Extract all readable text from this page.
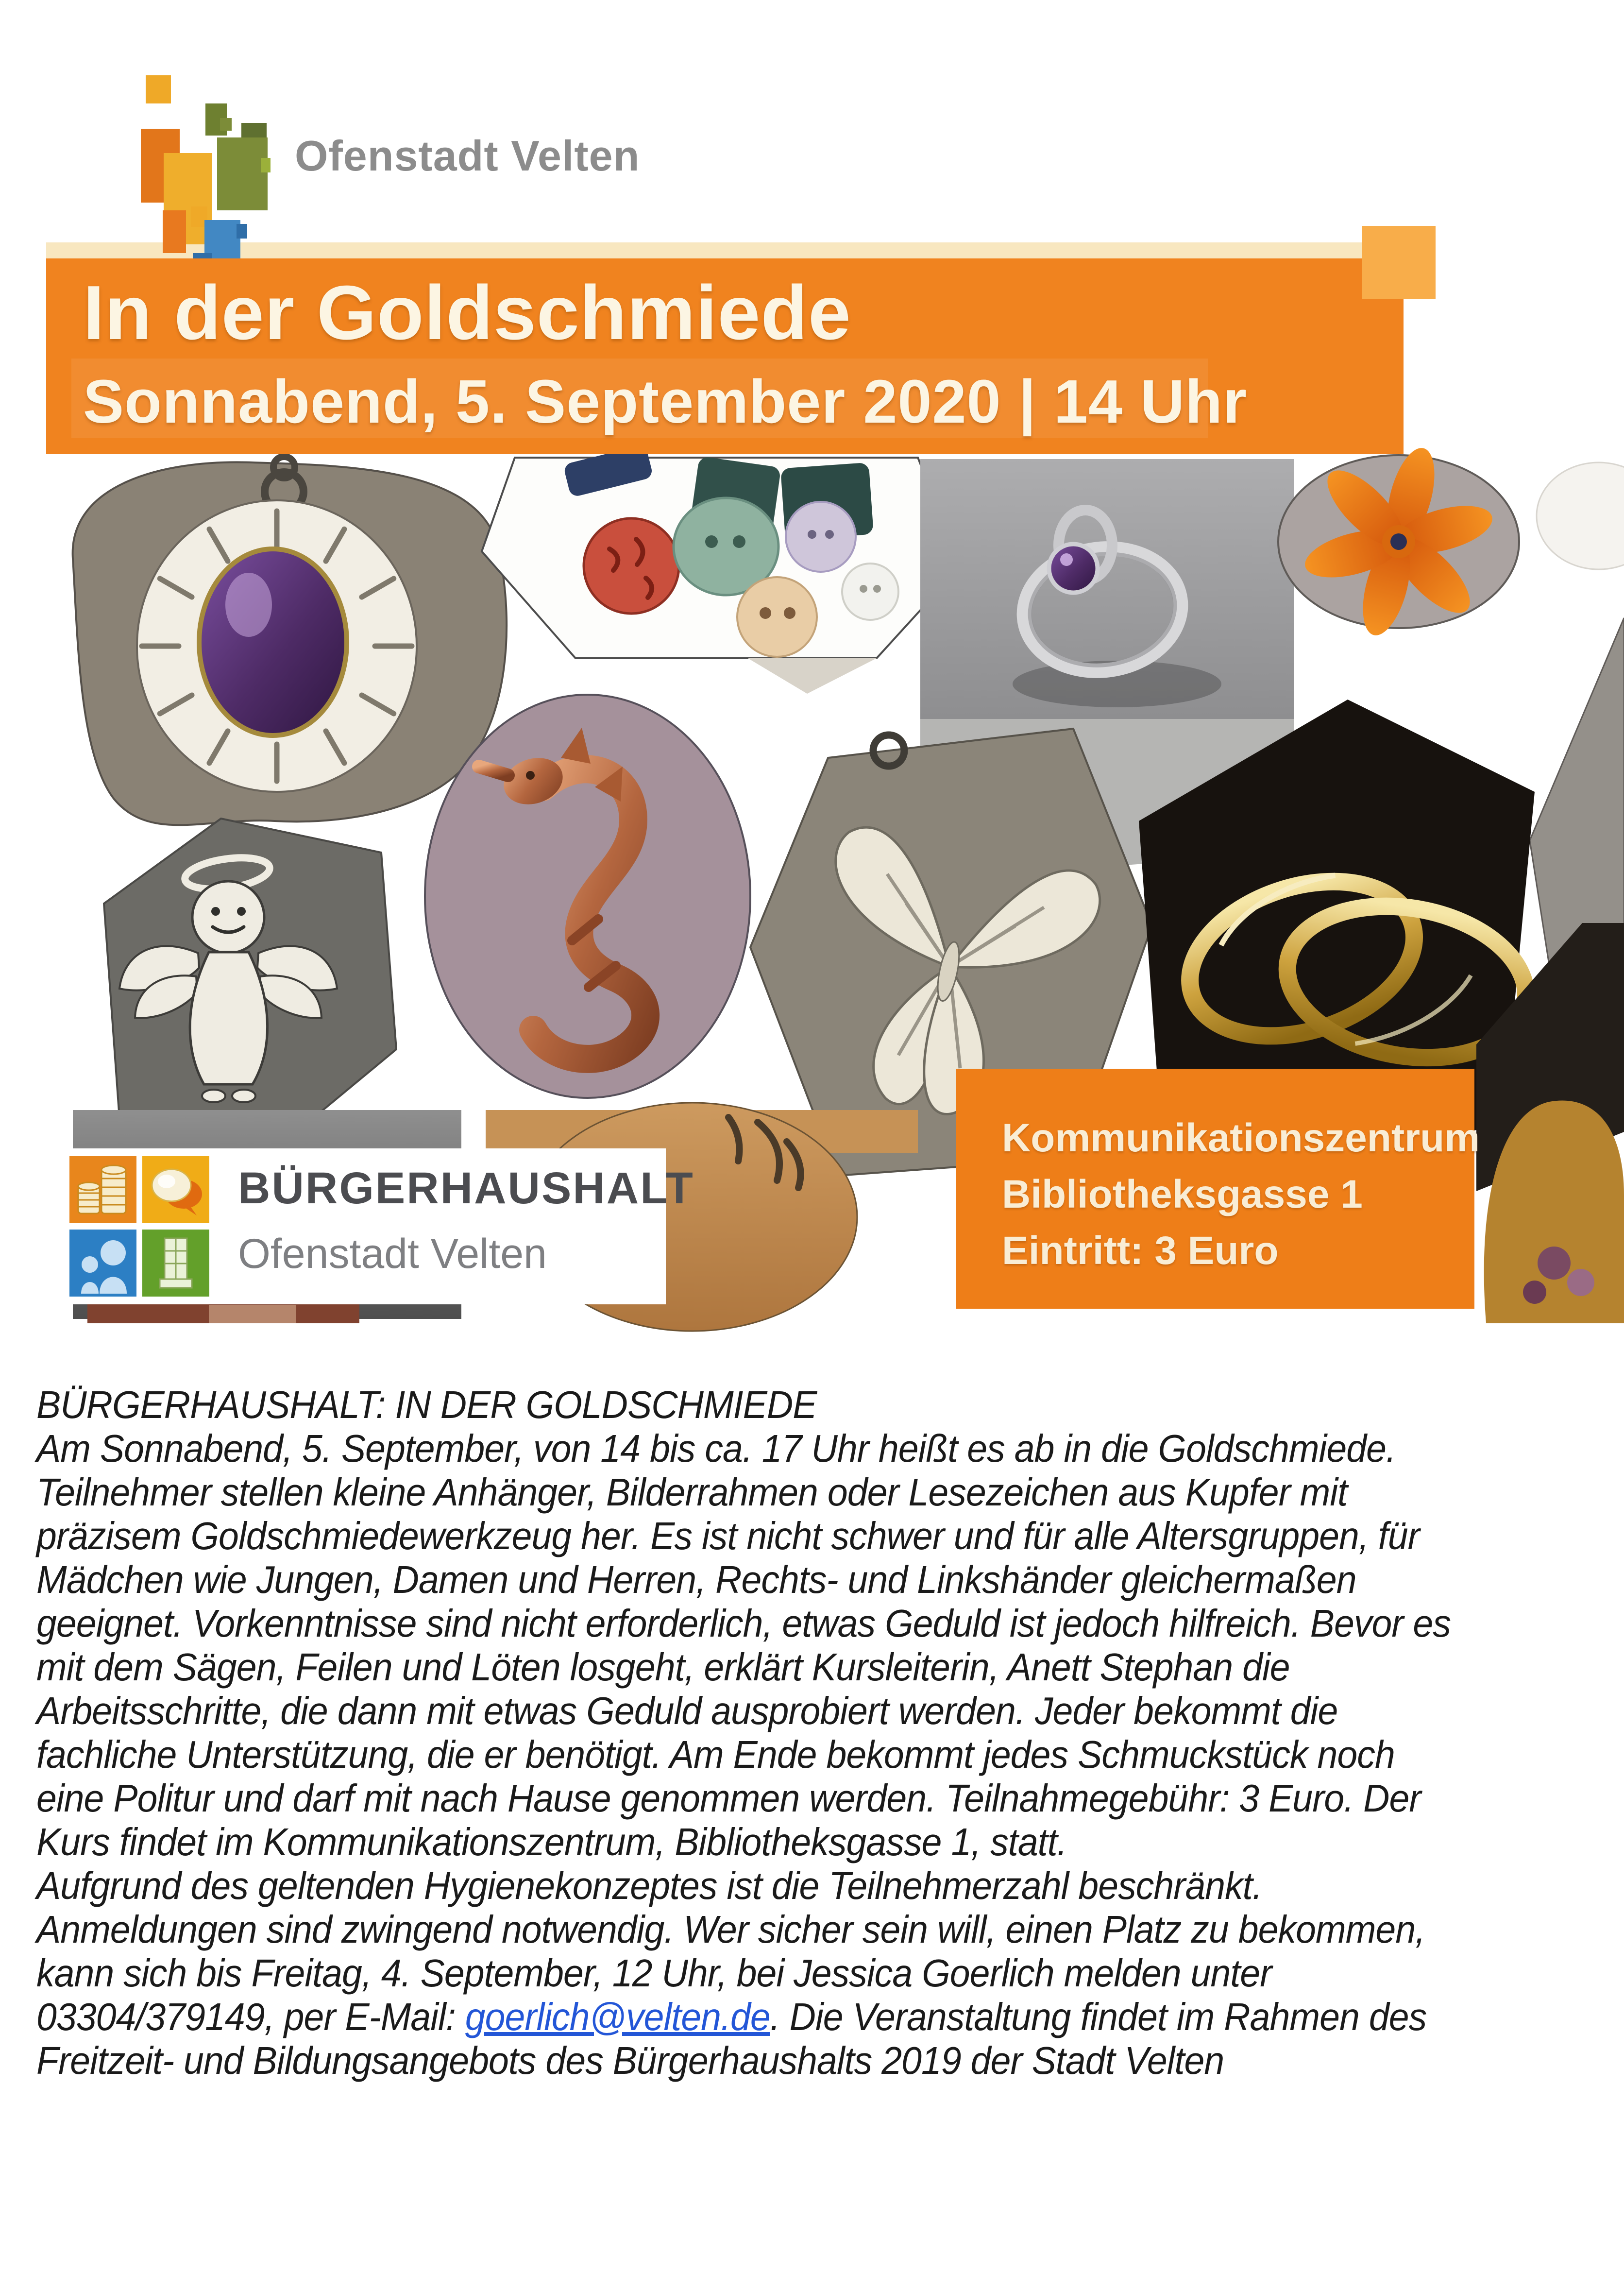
Ofenstadt Velten
In der Goldschmiede
Sonnabend, 5. September 2020 | 14 Uhr
Kommunikationszentrum
Bibliotheksgasse 1
Eintritt: 3 Euro
BÜRGERHAUSHALT
Ofenstadt Velten
BÜRGERHAUSHALT: IN DER GOLDSCHMIEDE
Am Sonnabend, 5. September, von 14 bis ca. 17 Uhr heißt es ab in die Goldschmiede.
Teilnehmer stellen kleine Anhänger, Bilderrahmen oder Lesezeichen aus Kupfer mit
präzisem Goldschmiedewerkzeug her. Es ist nicht schwer und für alle Altersgruppen, für
Mädchen wie Jungen, Damen und Herren, Rechts- und Linkshänder gleichermaßen
geeignet. Vorkenntnisse sind nicht erforderlich, etwas Geduld ist jedoch hilfreich. Bevor es
mit dem Sägen, Feilen und Löten losgeht, erklärt Kursleiterin, Anett Stephan die
Arbeitsschritte, die dann mit etwas Geduld ausprobiert werden. Jeder bekommt die
fachliche Unterstützung, die er benötigt. Am Ende bekommt jedes Schmuckstück noch
eine Politur und darf mit nach Hause genommen werden. Teilnahmegebühr: 3 Euro. Der
Kurs findet im Kommunikationszentrum, Bibliotheksgasse 1, statt.
Aufgrund des geltenden Hygienekonzeptes ist die Teilnehmerzahl beschränkt.
Anmeldungen sind zwingend notwendig. Wer sicher sein will, einen Platz zu bekommen,
kann sich bis Freitag, 4. September, 12 Uhr, bei Jessica Goerlich melden unter
03304/379149, per E-Mail: goerlich@velten.de. Die Veranstaltung findet im Rahmen des
Freitzeit- und Bildungsangebots des Bürgerhaushalts 2019 der Stadt Velten
